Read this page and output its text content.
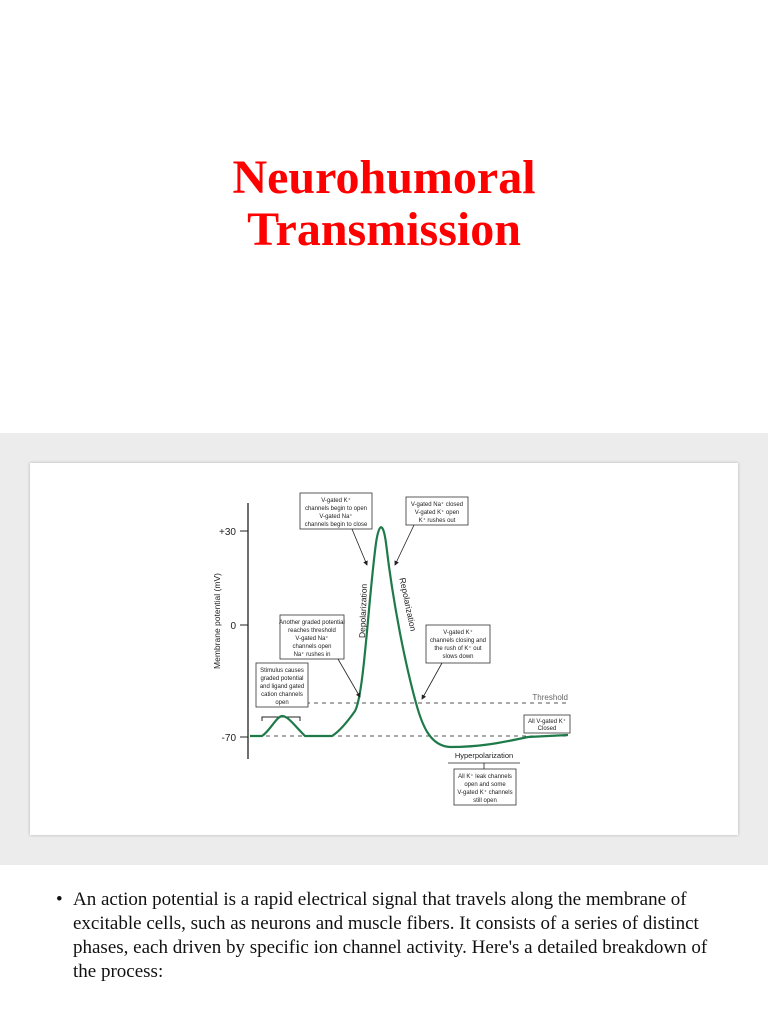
Neurohumoral
Transmission
+30
0
-70
Membrane potential (mV)
Threshold
Depolarization	Repolarization
V-gated K⁺
channels begin to open
V-gated Na⁺
channels begin to close
V-gated Na⁺ closed
V-gated K⁺ open
K⁺ rushes out
Another graded potential
reaches threshold
V-gated Na⁺
channels open
Na⁺ rushes in
V-gated K⁺
channels closing and
the rush of K⁺ out
slows down
Stimulus causes
graded potential
and ligand gated
cation channels
open
All V-gated K⁺
Closed
Hyperpolarization
All K⁺ leak channels
open and some
V-gated K⁺ channels
still open
• An action potential is a rapid electrical signal that travels along the membrane of excitable cells, such as neurons and muscle fibers. It consists of a series of distinct phases, each driven by specific ion channel activity. Here's a detailed breakdown of the process:
